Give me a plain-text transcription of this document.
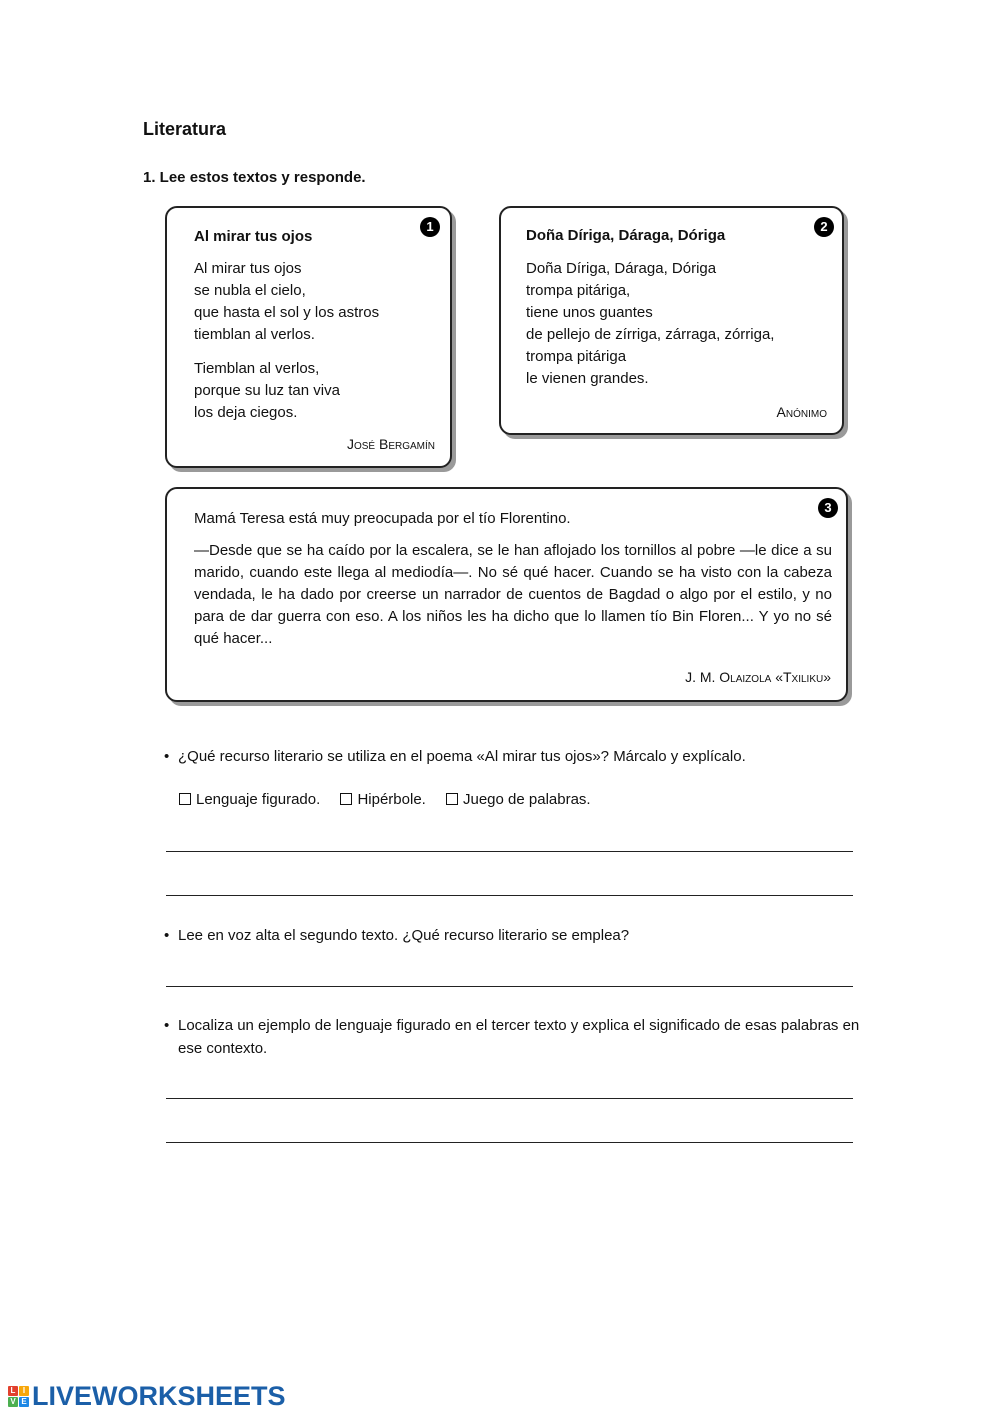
Literatura
1. Lee estos textos y responde.
1
Al mirar tus ojos
Al mirar tus ojos
se nubla el cielo,
que hasta el sol y los astros
tiemblan al verlos.
Tiemblan al verlos,
porque su luz tan viva
los deja ciegos.
José Bergamín
2
Doña Díriga, Dáraga, Dóriga
Doña Díriga, Dáraga, Dóriga
trompa pitáriga,
tiene unos guantes
de pellejo de zírriga, zárraga, zórriga,
trompa pitáriga
le vienen grandes.
Anónimo
3
Mamá Teresa está muy preocupada por el tío Florentino.
—Desde que se ha caído por la escalera, se le han aflojado los tornillos al pobre —le dice a su marido, cuando este llega al mediodía—. No sé qué hacer. Cuando se ha visto con la cabeza vendada, le ha dado por creerse un narrador de cuentos de Bagdad o algo por el estilo, y no para de dar guerra con eso. A los niños les ha dicho que lo llamen tío Bin Floren... Y yo no sé qué hacer...
J. M. Olaizola «Txiliku»
• ¿Qué recurso literario se utiliza en el poema «Al mirar tus ojos»? Márcalo y explícalo.
Lenguaje figurado. Hipérbole. Juego de palabras.
• Lee en voz alta el segundo texto. ¿Qué recurso literario se emplea?
• Localiza un ejemplo de lenguaje figurado en el tercer texto y explica el significado de esas palabras en ese contexto.
L I
V E LIVEWORKSHEETS
